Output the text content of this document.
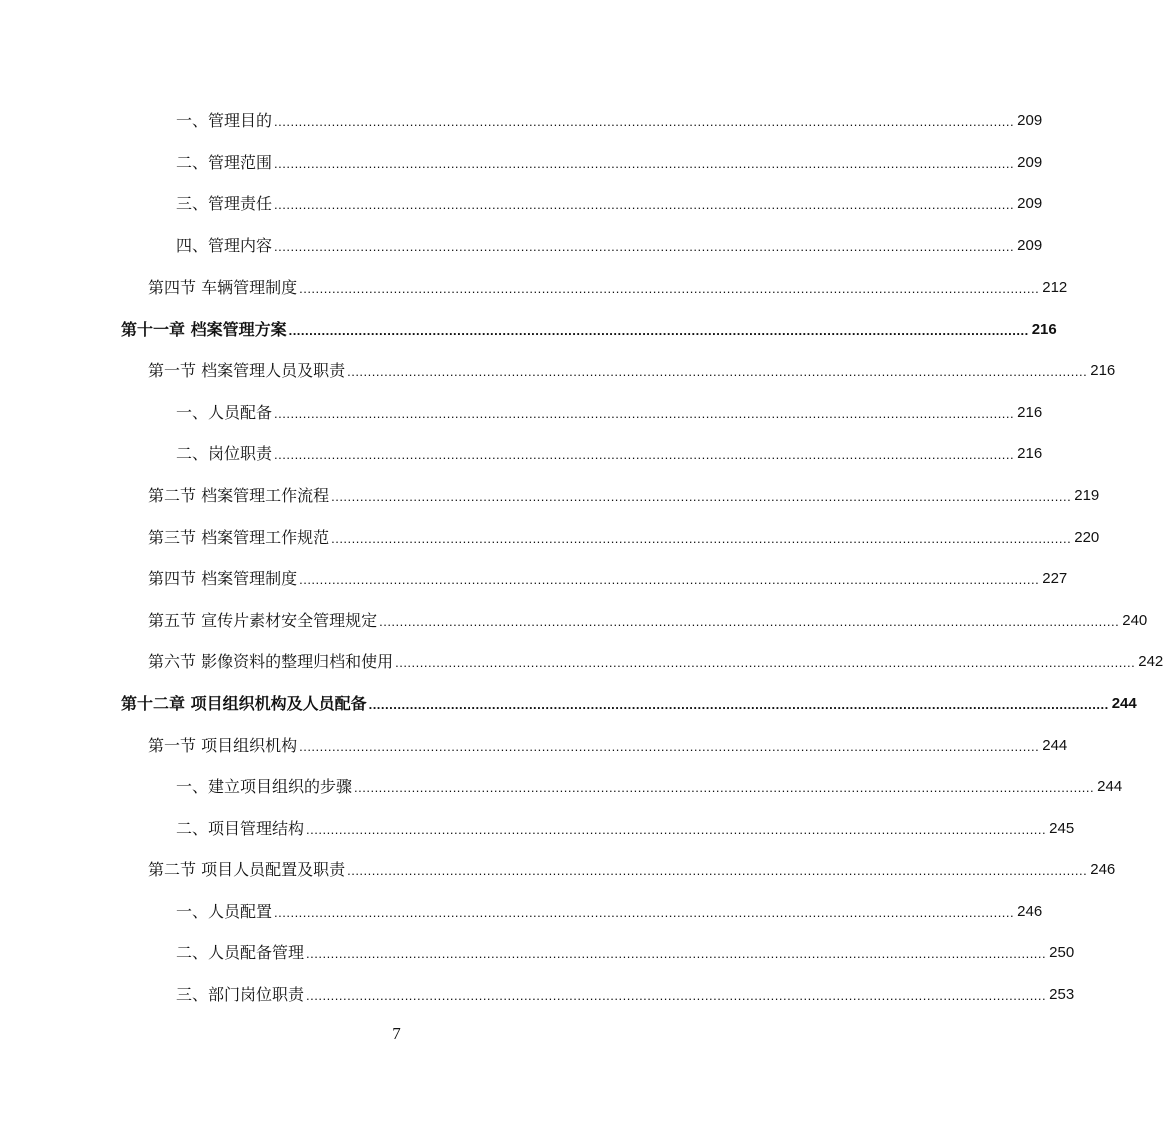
一、管理目的 .................................................................................................................................................................................... 209
二、管理范围 .................................................................................................................................................................................... 209
三、管理责任 .................................................................................................................................................................................... 209
四、管理内容 .................................................................................................................................................................................... 209
第四节 车辆管理制度 .................................................................................................................................................................................... 212
第十一章 档案管理方案 .................................................................................................................................................................................... 216
第一节 档案管理人员及职责 .................................................................................................................................................................................... 216
一、人员配备 .................................................................................................................................................................................... 216
二、岗位职责 .................................................................................................................................................................................... 216
第二节 档案管理工作流程 .................................................................................................................................................................................... 219
第三节 档案管理工作规范 .................................................................................................................................................................................... 220
第四节 档案管理制度 .................................................................................................................................................................................... 227
第五节 宣传片素材安全管理规定 .................................................................................................................................................................................... 240
第六节 影像资料的整理归档和使用 .................................................................................................................................................................................... 242
第十二章 项目组织机构及人员配备 .................................................................................................................................................................................... 244
第一节 项目组织机构 .................................................................................................................................................................................... 244
一、建立项目组织的步骤 .................................................................................................................................................................................... 244
二、项目管理结构 .................................................................................................................................................................................... 245
第二节 项目人员配置及职责 .................................................................................................................................................................................... 246
一、人员配置 .................................................................................................................................................................................... 246
二、人员配备管理 .................................................................................................................................................................................... 250
三、部门岗位职责 .................................................................................................................................................................................... 253
7
